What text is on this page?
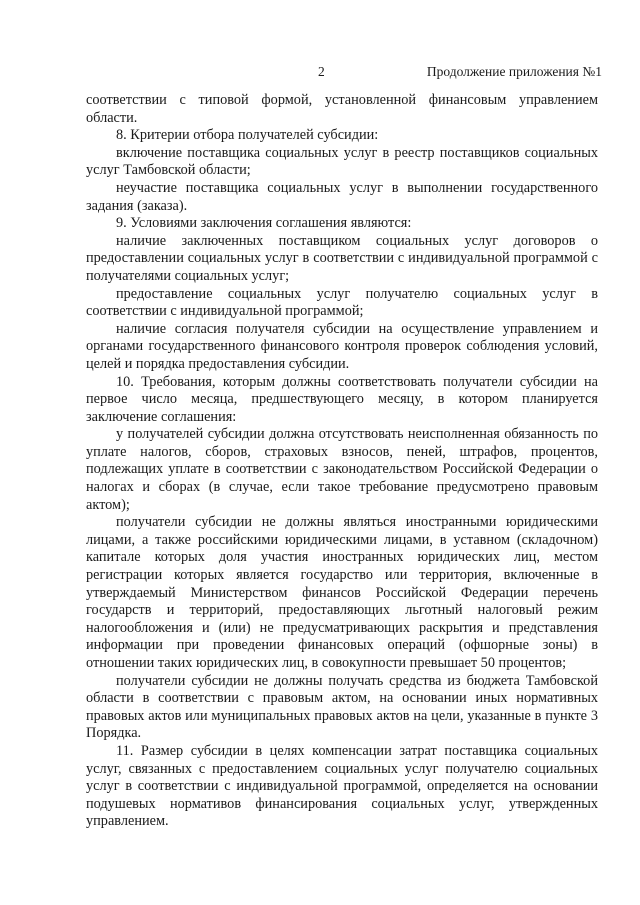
2	Продолжение приложения №1

соответствии с типовой формой, установленной финансовым управлением области.

8. Критерии отбора получателей субсидии:

включение поставщика социальных услуг в реестр поставщиков социальных услуг Тамбовской области;

неучастие поставщика социальных услуг в выполнении государственного задания (заказа).

9. Условиями заключения соглашения являются:

наличие заключенных поставщиком социальных услуг договоров о предоставлении социальных услуг в соответствии с индивидуальной программой с получателями социальных услуг;

предоставление социальных услуг получателю социальных услуг в соответствии с индивидуальной программой;

наличие согласия получателя субсидии на осуществление управлением и органами государственного финансового контроля проверок соблюдения условий, целей и порядка предоставления субсидии.

10. Требования, которым должны соответствовать получатели субсидии на первое число месяца, предшествующего месяцу, в котором планируется заключение соглашения:

у получателей субсидии должна отсутствовать неисполненная обязанность по уплате налогов, сборов, страховых взносов, пеней, штрафов, процентов, подлежащих уплате в соответствии с законодательством Российской Федерации о налогах и сборах (в случае, если такое требование предусмотрено правовым актом);

получатели субсидии не должны являться иностранными юридическими лицами, а также российскими юридическими лицами, в уставном (складочном) капитале которых доля участия иностранных юридических лиц, местом регистрации которых является государство или территория, включенные в утверждаемый Министерством финансов Российской Федерации перечень государств и территорий, предоставляющих льготный налоговый режим налогообложения и (или) не предусматривающих раскрытия и представления информации при проведении финансовых операций (офшорные зоны) в отношении таких юридических лиц, в совокупности превышает 50 процентов;

получатели субсидии не должны получать средства из бюджета Тамбовской области в соответствии с правовым актом, на основании иных нормативных правовых актов или муниципальных правовых актов на цели, указанные в пункте 3 Порядка.

11. Размер субсидии в целях компенсации затрат поставщика социальных услуг, связанных с предоставлением социальных услуг получателю социальных услуг в соответствии с индивидуальной программой, определяется на основании подушевых нормативов финансирования социальных услуг, утвержденных управлением.
